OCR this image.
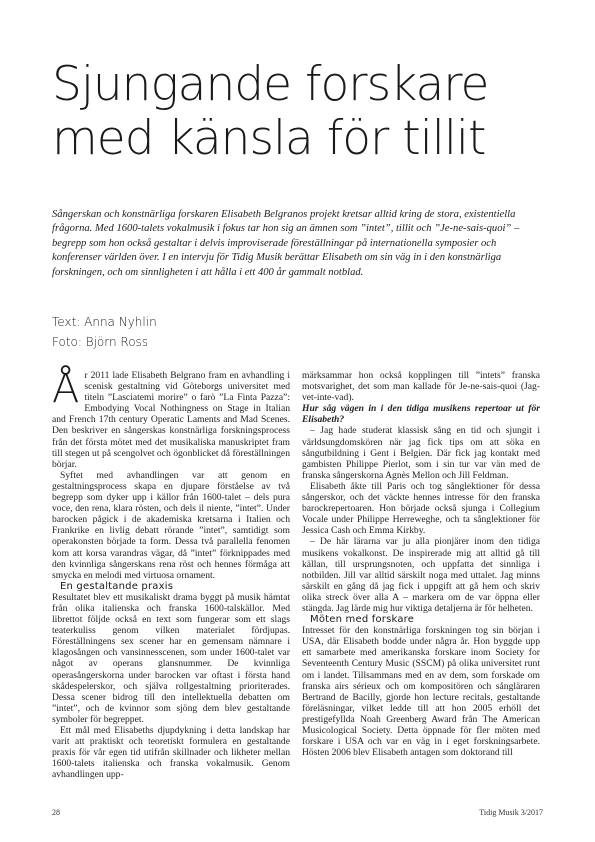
Sjungande forskare
med känsla för tillit

Sångerskan och konstnärliga forskaren Elisabeth Belgranos projekt kretsar alltid kring de stora, existentiella frågorna. Med 1600-talets vokalmusik i fokus tar hon sig an ämnen som ”intet”, tillit och ”Je-ne-sais-quoi” – begrepp som hon också gestaltar i delvis improviserade föreställningar på internationella symposier och konferenser världen över. I en intervju för Tidig Musik berättar Elisabeth om sin väg in i den konstnärliga forskningen, och om sinnligheten i att hålla i ett 400 år gammalt notblad.

Text: Anna Nyhlin

Foto: Björn Ross

År 2011 lade Elisabeth Belgrano fram en avhandling i scenisk gestaltning vid Göteborgs universitet med titeln ”Lasciatemi morire” o farò ”La Finta Pazza”: Embodying Vocal Nothingness on Stage in Italian and French 17th century Operatic Laments and Mad Scenes. Den beskriver en sångerskas konstnärliga forskningsprocess från det första mötet med det musikaliska manuskriptet fram till stegen ut på scengolvet och ögonblicket då föreställningen börjar.

Syftet med avhandlingen var att genom en gestaltningsprocess skapa en djupare förståelse av två begrepp som dyker upp i källor från 1600-talet – dels pura voce, den rena, klara rösten, och dels il niente, ”intet”. Under barocken pågick i de akademiska kretsarna i Italien och Frankrike en livlig debatt rörande ”intet”, samtidigt som operakonsten började ta form. Dessa två parallella fenomen kom att korsa varandras vägar, då ”intet” förknippades med den kvinnliga sångerskans rena röst och hennes förmåga att smycka en melodi med virtuosa ornament.

En gestaltande praxis

Resultatet blev ett musikaliskt drama byggt på musik hämtat från olika italienska och franska 1600-talskällor. Med librettot följde också en text som fungerar som ett slags teaterkuliss genom vilken materialet fördjupas. Föreställningens sex scener har en gemensam nämnare i klagosången och vansinnesscenen, som under 1600-talet var något av operans glansnummer. De kvinnliga operasångerskorna under barocken var oftast i första hand skådespelerskor, och själva rollgestaltning prioriterades. Dessa scener bidrog till den intellektuella debatten om ”intet”, och de kvinnor som sjöng dem blev gestaltande symboler för begreppet.

Ett mål med Elisabeths djupdykning i detta landskap har varit att praktiskt och teoretiskt formulera en gestaltande praxis för vår egen tid utifrån skillnader och likheter mellan 1600-talets italienska och franska vokalmusik. Genom avhandlingen upp-

märksammar hon också kopplingen till ”intets” franska motsvarighet, det som man kallade för Je-ne-sais-quoi (Jag-vet-inte-vad).

Hur såg vägen in i den tidiga musikens repertoar ut för Elisabeth?

– Jag hade studerat klassisk sång en tid och sjungit i världsungdomskören när jag fick tips om att söka en sångutbildning i Gent i Belgien. Där fick jag kontakt med gambisten Philippe Pierlot, som i sin tur var vän med de franska sångerskorna Agnès Mellon och Jill Feldman.

Elisabeth åkte till Paris och tog sånglektioner för dessa sångerskor, och det väckte hennes intresse för den franska barockrepertoaren. Hon började också sjunga i Collegium Vocale under Philippe Herreweghe, och ta sånglektioner för Jessica Cash och Emma Kirkby.

– De här lärarna var ju alla pionjärer inom den tidiga musikens vokalkonst. De inspirerade mig att alltid gå till källan, till ursprungsnoten, och uppfatta det sinnliga i notbilden. Jill var alltid särskilt noga med uttalet. Jag minns särskilt en gång då jag fick i uppgift att gå hem och skriv olika streck över alla A – markera om de var öppna eller stängda. Jag lärde mig hur viktiga detaljerna är för helheten.

Möten med forskare

Intresset för den konstnärliga forskningen tog sin början i USA, där Elisabeth bodde under några år. Hon byggde upp ett samarbete med amerikanska forskare inom Society for Seventeenth Century Music (SSCM) på olika universitet runt om i landet. Tillsammans med en av dem, som forskade om franska airs sérieux och om kompositören och sångläraren Bertrand de Bacilly, gjorde hon lecture recitals, gestaltande föreläsningar, vilket ledde till att hon 2005 erhöll det prestigefyllda Noah Greenberg Award från The American Musicological Society. Detta öppnade för fler möten med forskare i USA och var en väg in i eget forskningsarbete. Hösten 2006 blev Elisabeth antagen som doktorand till

28	Tidig Musik 3/2017
